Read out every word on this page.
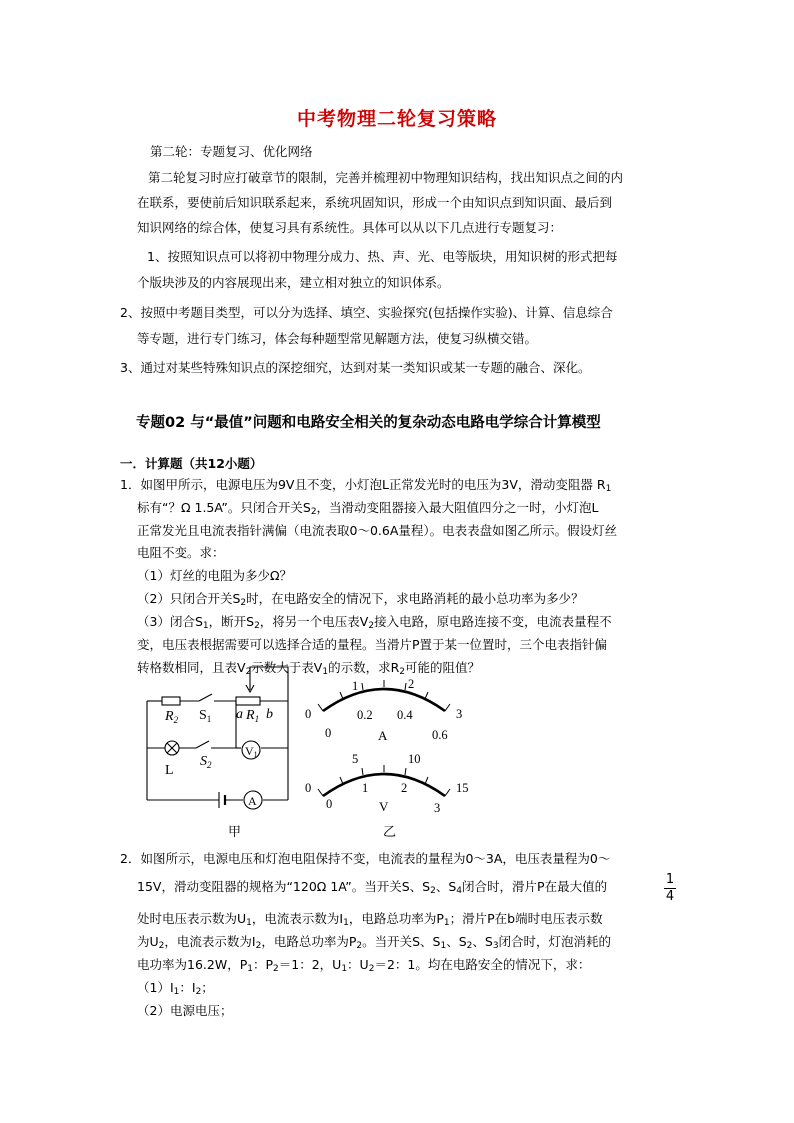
中考物理二轮复习策略
第二轮：专题复习、优化网络
第二轮复习时应打破章节的限制，完善并梳理初中物理知识结构，找出知识点之间的内
在联系，要使前后知识联系起来，系统巩固知识，形成一个由知识点到知识面、最后到
知识网络的综合体，使复习具有系统性。具体可以从以下几点进行专题复习：
1、按照知识点可以将初中物理分成力、热、声、光、电等版块，用知识树的形式把每
个版块涉及的内容展现出来，建立相对独立的知识体系。
2、按照中考题目类型，可以分为选择、填空、实验探究(包括操作实验)、计算、信息综合
等专题，进行专门练习，体会每种题型常见解题方法，使复习纵横交错。
3、通过对某些特殊知识点的深挖细究，达到对某一类知识或某一专题的融合、深化。
专题02 与“最值”问题和电路安全相关的复杂动态电路电学综合计算模型
一．计算题（共12小题）
1．如图甲所示，电源电压为9V且不变，小灯泡L正常发光时的电压为3V，滑动变阻器 $R_1$
标有“？Ω 1.5A”。只闭合开关$S_2$，当滑动变阻器接入最大阻值四分之一时，小灯泡L
正常发光且电流表指针满偏（电流表取0～0.6A量程）。电表表盘如图乙所示。假设灯丝
电阻不变。求：
（1）灯丝的电阻为多少Ω？
（2）只闭合开关$S_2$时，在电路安全的情况下，求电路消耗的最小总功率为多少？
（3）闭合$S_1$，断开$S_2$，将另一个电压表$V_2$接入电路，原电路连接不变，电流表量程不
变，电压表根据需要可以选择合适的量程。当滑片P置于某一位置时，三个电表指针偏
转格数相同，且表$V_2$示数大于表$V_1$的示数，求$R_2$可能的阻值？
$R_2$ $S_1$ a $R_1$ b
L
$S_2$
V1
A
甲
0
1	2
3
0
0.2 0.4
0.6
A
0
5	10
15
0
1	2
3
V
乙
2．如图所示，电源电压和灯泡电阻保持不变，电流表的量程为0～3A，电压表量程为0～
15V，滑动变阻器的规格为“120Ω 1A”。当开关S、$S_2$、$S_4$闭合时，滑片P在最大值的	$\frac{1}{4}$
处时电压表示数为$U_1$，电流表示数为$I_1$，电路总功率为$P_1$；滑片P在b端时电压表示数
为$U_2$，电流表示数为$I_2$，电路总功率为$P_2$。当开关S、$S_1$、$S_2$、$S_3$闭合时，灯泡消耗的
电功率为16.2W，$P_1$：$P_2=1$：2，$U_1$：$U_2=2$：1。均在电路安全的情况下，求：
$(1)I_1$：$I_2$；
（2）电源电压；
